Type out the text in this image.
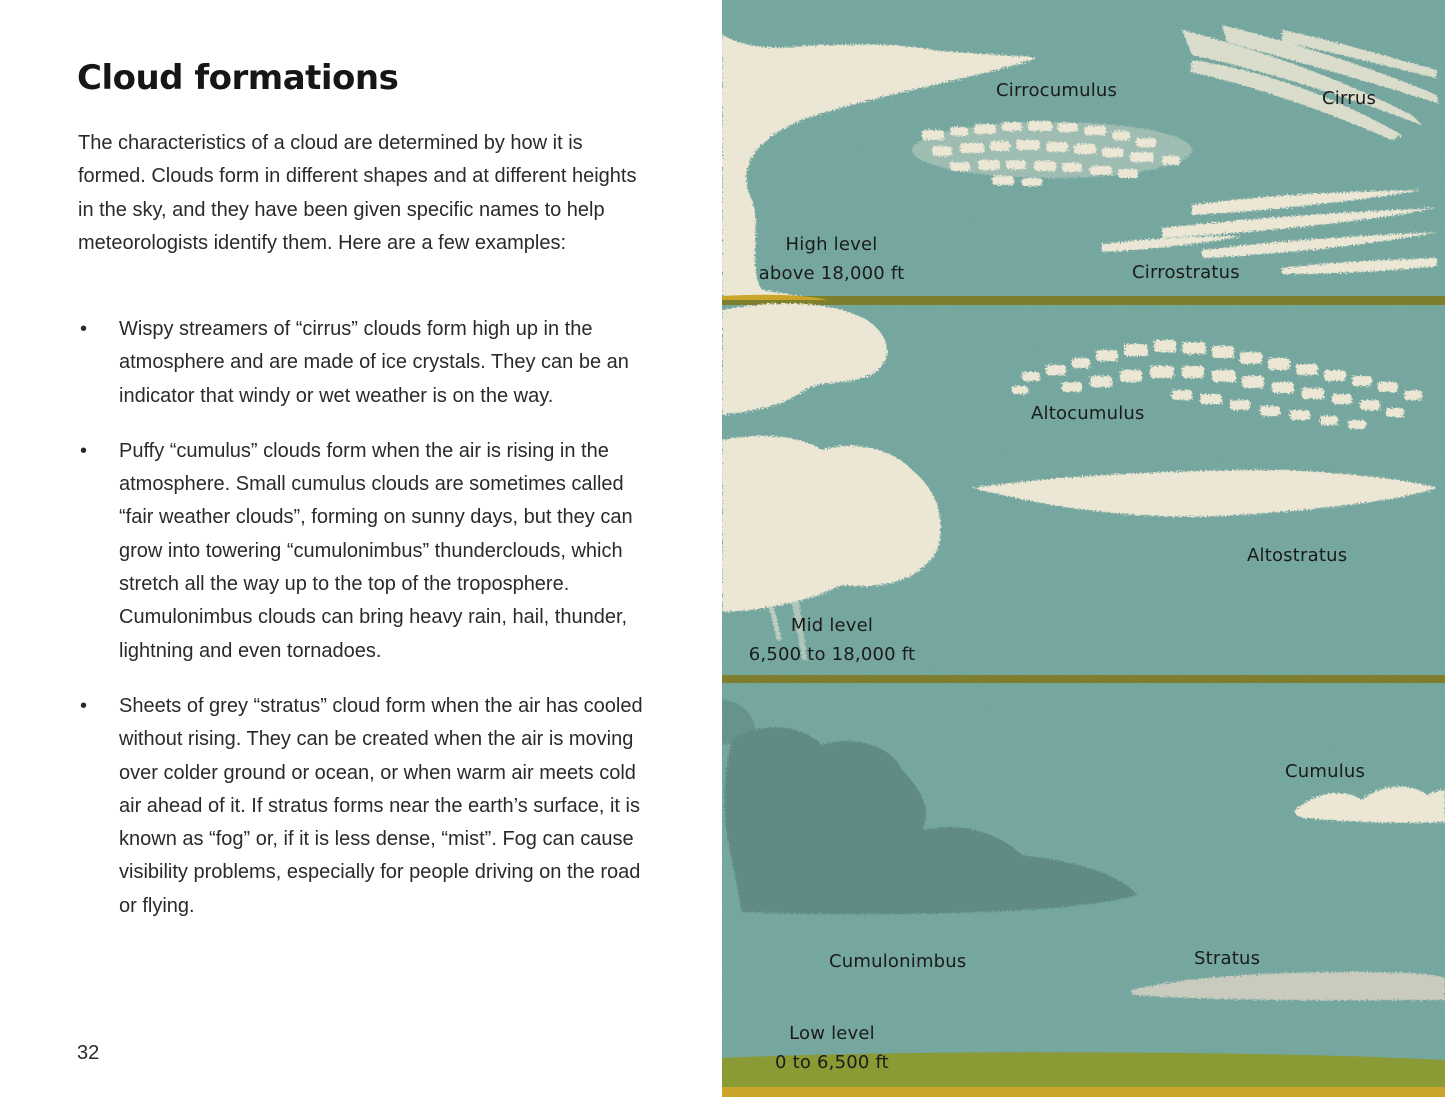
Cloud formations

The characteristics of a cloud are determined by how it is formed. Clouds form in different shapes and at different heights in the sky, and they have been given specific names to help meteorologists identify them. Here are a few examples:

• Wispy streamers of “cirrus” clouds form high up in the atmosphere and are made of ice crystals. They can be an indicator that windy or wet weather is on the way.
• Puffy “cumulus” clouds form when the air is rising in the atmosphere. Small cumulus clouds are sometimes called “fair weather clouds”, forming on sunny days, but they can grow into towering “cumulonimbus” thunderclouds, which stretch all the way up to the top of the troposphere. Cumulonimbus clouds can bring heavy rain, hail, thunder, lightning and even tornadoes.
• Sheets of grey “stratus” cloud form when the air has cooled without rising. They can be created when the air is moving over colder ground or ocean, or when warm air meets cold air ahead of it. If stratus forms near the earth’s surface, it is known as “fog” or, if it is less dense, “mist”. Fog can cause visibility problems, especially for people driving on the road or flying.
32
Cirrocumulus	Cirrus
High level
above 18,000 ft	Cirrostratus
Altocumulus
Altostratus
Mid level
6,500 to 18,000 ft
Cumulus
Cumulonimbus	Stratus
Low level
0 to 6,500 ft
